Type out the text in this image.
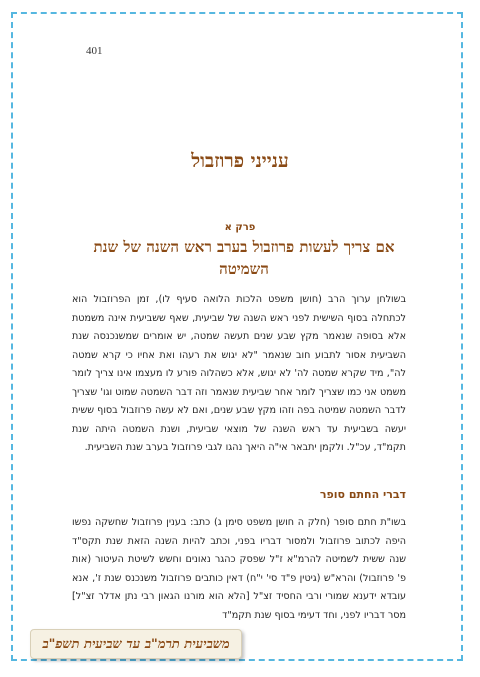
401
ענייני פרוזבול
פרק א
אם צריך לעשות פרוזבול בערב ראש השנה של שנת השמיטה
בשולחן ערוך הרב (חושן משפט הלכות הלואה סעיף לו), זמן הפרוזבול הוא לכתחלה בסוף השישית לפני ראש השנה של שביעית, שאף ששביעית אינה משמטת אלא בסופה שנאמר מקץ שבע שנים תעשה שמטה, יש אומרים שמשנכנסה שנת השביעית אסור לתבוע חוב שנאמר "לא יגוש את רעהו ואת אחיו כי קרא שמטה לה", מיד שקרא שמטה לה' לא יגוש, אלא כשהלוה פורע לו מעצמו אינו צריך לומר משמט אני כמו שצריך לומר אחר שביעית שנאמר וזה דבר השמטה שמוט וגו' שצריך לדבר השמטה שמיטה בפה וזהו מקץ שבע שנים, ואם לא עשה פרוזבול בסוף ששית יעשה בשביעית עד ראש השנה של מוצאי שביעית, ושנת השמטה היתה שנת תקמ"ד, עכ"ל. ולקמן יתבאר אי"ה היאך נהגו לגבי פרוזבול בערב שנת השביעית.
דברי החתם סופר
בשו"ת חתם סופר (חלק ה חושן משפט סימן ג) כתב: בענין פרוזבול שחשקה נפשו היפה לכתוב פרוזבול ולמסור דבריו בפני, וכתב להיות השנה הזאת שנת תקס"ד שנה ששית לשמיטה להרמ"א ז"ל שפסק כהגר נאונים וחשש לשיטת העיטור (אות פ' פרוזבול) והרא"ש (גיטין פ"ד סי' י"ח) דאין כותבים פרוזבול משנכנס שנת ז', אנא עובדא ידענא שמורי ורבי החסיד זצ"ל [הלא הוא מורנו הגאון רבי נתן אדלר זצ"ל] מסר דבריו לפני, וחד דעימי בסוף שנת תקמ"ד
משביעית תרמ"ב עד שביעית תשפ"ב
